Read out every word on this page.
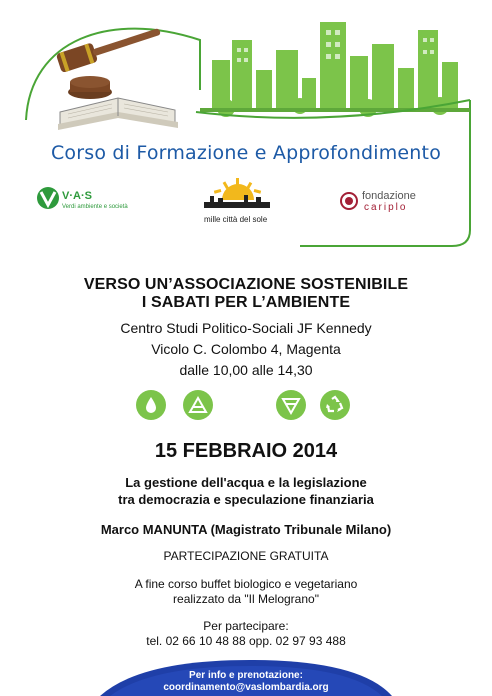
Corso di Formazione e Approfondimento
V·A·S
Verdi ambiente e società
mille città del sole
fondazione
cariplo
VERSO UN’ASSOCIAZIONE SOSTENIBILE
I SABATI PER L’AMBIENTE
Centro Studi Politico-Sociali JF Kennedy
Vicolo C. Colombo 4, Magenta
dalle 10,00 alle 14,30
15 FEBBRAIO 2014
La gestione dell'acqua e la legislazione
tra democrazia e speculazione finanziaria
Marco MANUNTA (Magistrato Tribunale Milano)
PARTECIPAZIONE GRATUITA
A fine corso buffet biologico e vegetariano
realizzato da "Il Melograno"
Per partecipare:
tel. 02 66 10 48 88 opp. 02 97 93 488
Per info e prenotazione:
coordinamento@vaslombardia.org
